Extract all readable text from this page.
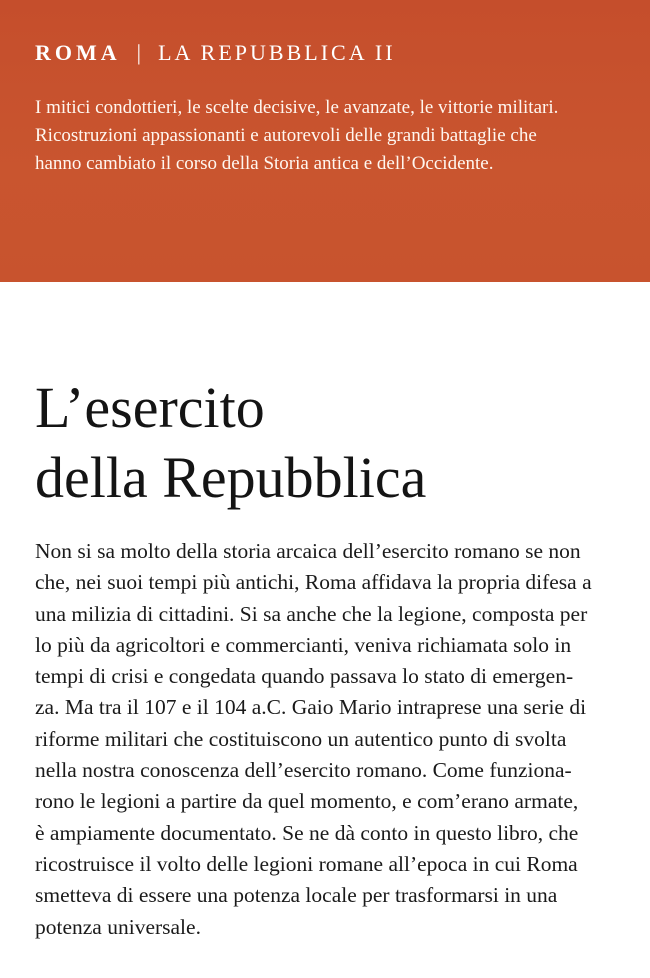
ROMA | LA REPUBBLICA II

I mitici condottieri, le scelte decisive, le avanzate, le vittorie militari.
Ricostruzioni appassionanti e autorevoli delle grandi battaglie che
hanno cambiato il corso della Storia antica e dell’Occidente.

L’esercito
della Repubblica

Non si sa molto della storia arcaica dell’esercito romano se non
che, nei suoi tempi più antichi, Roma affidava la propria difesa a
una milizia di cittadini. Si sa anche che la legione, composta per
lo più da agricoltori e commercianti, veniva richiamata solo in
tempi di crisi e congedata quando passava lo stato di emergen-
za. Ma tra il 107 e il 104 a.C. Gaio Mario intraprese una serie di
riforme militari che costituiscono un autentico punto di svolta
nella nostra conoscenza dell’esercito romano. Come funziona-
rono le legioni a partire da quel momento, e com’erano armate,
è ampiamente documentato. Se ne dà conto in questo libro, che
ricostruisce il volto delle legioni romane all’epoca in cui Roma
smetteva di essere una potenza locale per trasformarsi in una
potenza universale.
